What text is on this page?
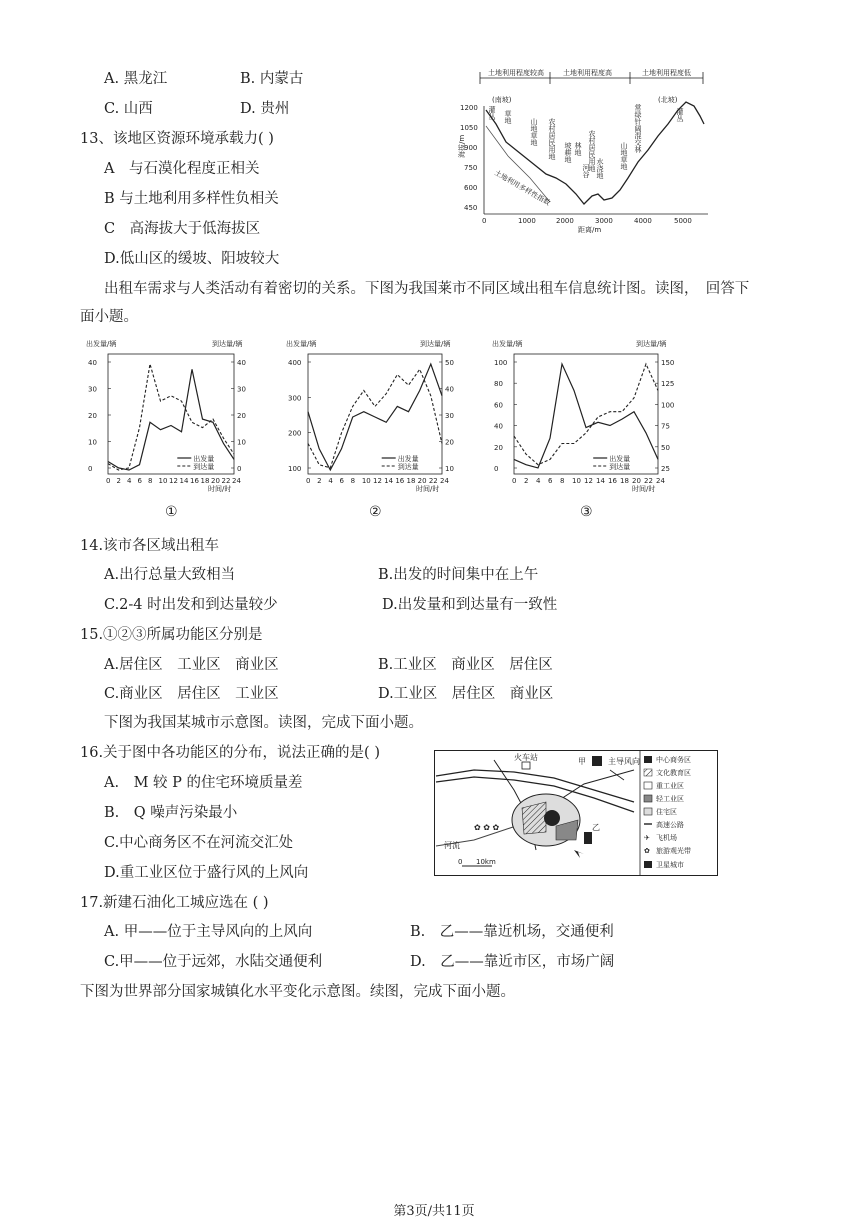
A. 黑龙江	B. 内蒙古
C. 山西	D. 贵州
13、该地区资源环境承载力( )
A　与石漠化程度正相关
B 与土地利用多样性负相关
C　高海拔大于低海拔区
D.低山区的缓坡、阳坡较大
土地利用程度较高	土地利用程度高	土地利用程度低
(南坡)	(北坡)
1200
1050
900
750
600
450
海拔/m
0	1000	2000	3000	4000	5000
距离/m
土地利用多样性指数
灌丛 草地
山地草地 农村居民用地 坡耕地 林地
河谷 水浇地
农村居民用地	山地草地
常绿针阔混交林	灌丛
出租车需求与人类活动有着密切的关系。下图为我国莱市不同区域出租车信息统计图。读图，　回答下
面小题。
出发量/辆	到达量/辆
40
30
20
10
0
40
30
20
10
0
0 2 4 6 8 10 12 14 16 18 20 22 24
时间/时
出发量
到达量
①
出发量/辆	到达量/辆
400
300
200
100
50
40
30
20
10
0 2 4 6 8 10 12 14 16 18 20 22 24
时间/时
出发量
到达量
②
出发量/辆	到达量/辆
100
80
60
40
20
0
150
125
100
75
50
25
0 2 4 6 8 10 12 14 16 18 20 22 24
时间/时
出发量
到达量
③
14.该市各区域出租车
A.出行总量大致相当	B.出发的时间集中在上午
C.2-4 时出发和到达量较少	D.出发量和到达量有一致性
15.①②③所属功能区分别是
A.居住区　工业区　商业区	B.工业区　商业区　居住区
C.商业区　居住区　工业区	D.工业区　居住区　商业区
下图为我国某城市示意图。读图，完成下面小题。
16.关于图中各功能区的分布，说法正确的是( )
A.　M 较 P 的住宅环境质量差
B.　Q 噪声污染最小
C.中心商务区不在河流交汇处
D.重工业区位于盛行风的上风向
火车站	甲	主导风向
乙
✿ ✿ ✿
河流
0 10km
中心商务区
文化教育区
重工业区
轻工业区
住宅区
高速公路
✈ 飞机场
✿ 旅游观光带
卫星城市
17.新建石油化工城应选在 ( )
A. 甲——位于主导风向的上风向	B.　乙——靠近机场，交通便利
C.甲——位于远郊，水陆交通便利	D.　乙——靠近市区，市场广阔
下图为世界部分国家城镇化水平变化示意图。续图，完成下面小题。
第3页/共11页
